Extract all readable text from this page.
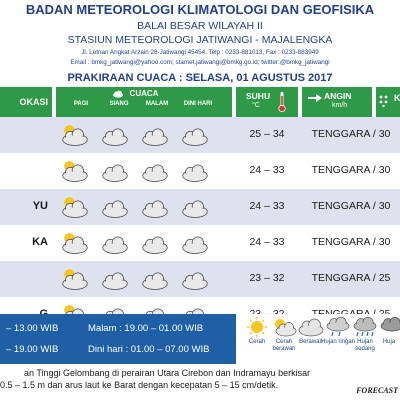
BADAN METEOROLOGI KLIMATOLOGI DAN GEOFISIKA
BALAI BESAR WILAYAH II
STASIUN METEOROLOGI JATIWANGI - MAJALENGKA
Jl. Letnan Angkat Arzain 28-Jatiwangi 45454, Telp : 0233-881013, Fax : 0233-883949
Email : bmkg_jatiwangi@yahoo.com; stamet.jatiwangi@bmkg.go.id; twitter:@bmkg_jatiwangi
PRAKIRAAN CUACA : SELASA, 01 AGUSTUS 2017
OKASI
CUACA
PAGI	SIANG	MALAM	DINI HARI
SUHU
°C
ANGIN
km/h
K
25 – 34	TENGGARA / 30
24 – 33	TENGGARA / 30
YU	24 – 33	TENGGARA / 30
KA	24 – 33	TENGGARA / 30
23 – 32	TENGGARA / 25
– 13.00 WIB
– 19.00 WIB
Malam : 19.00 – 01.00 WIB
Dini hari : 01.00 – 07.00 WIB
Cerah	Cerah berawan
Berawan
Hujan ringan Hujan sedang
Huja
an Tinggi Gelombang di perairan Utara Cirebon dan Indramayu berkisar
0.5 – 1.5 m dan arus laut ke Barat dengan kecepatan 5 – 15 cm/detik.
FORECAST
